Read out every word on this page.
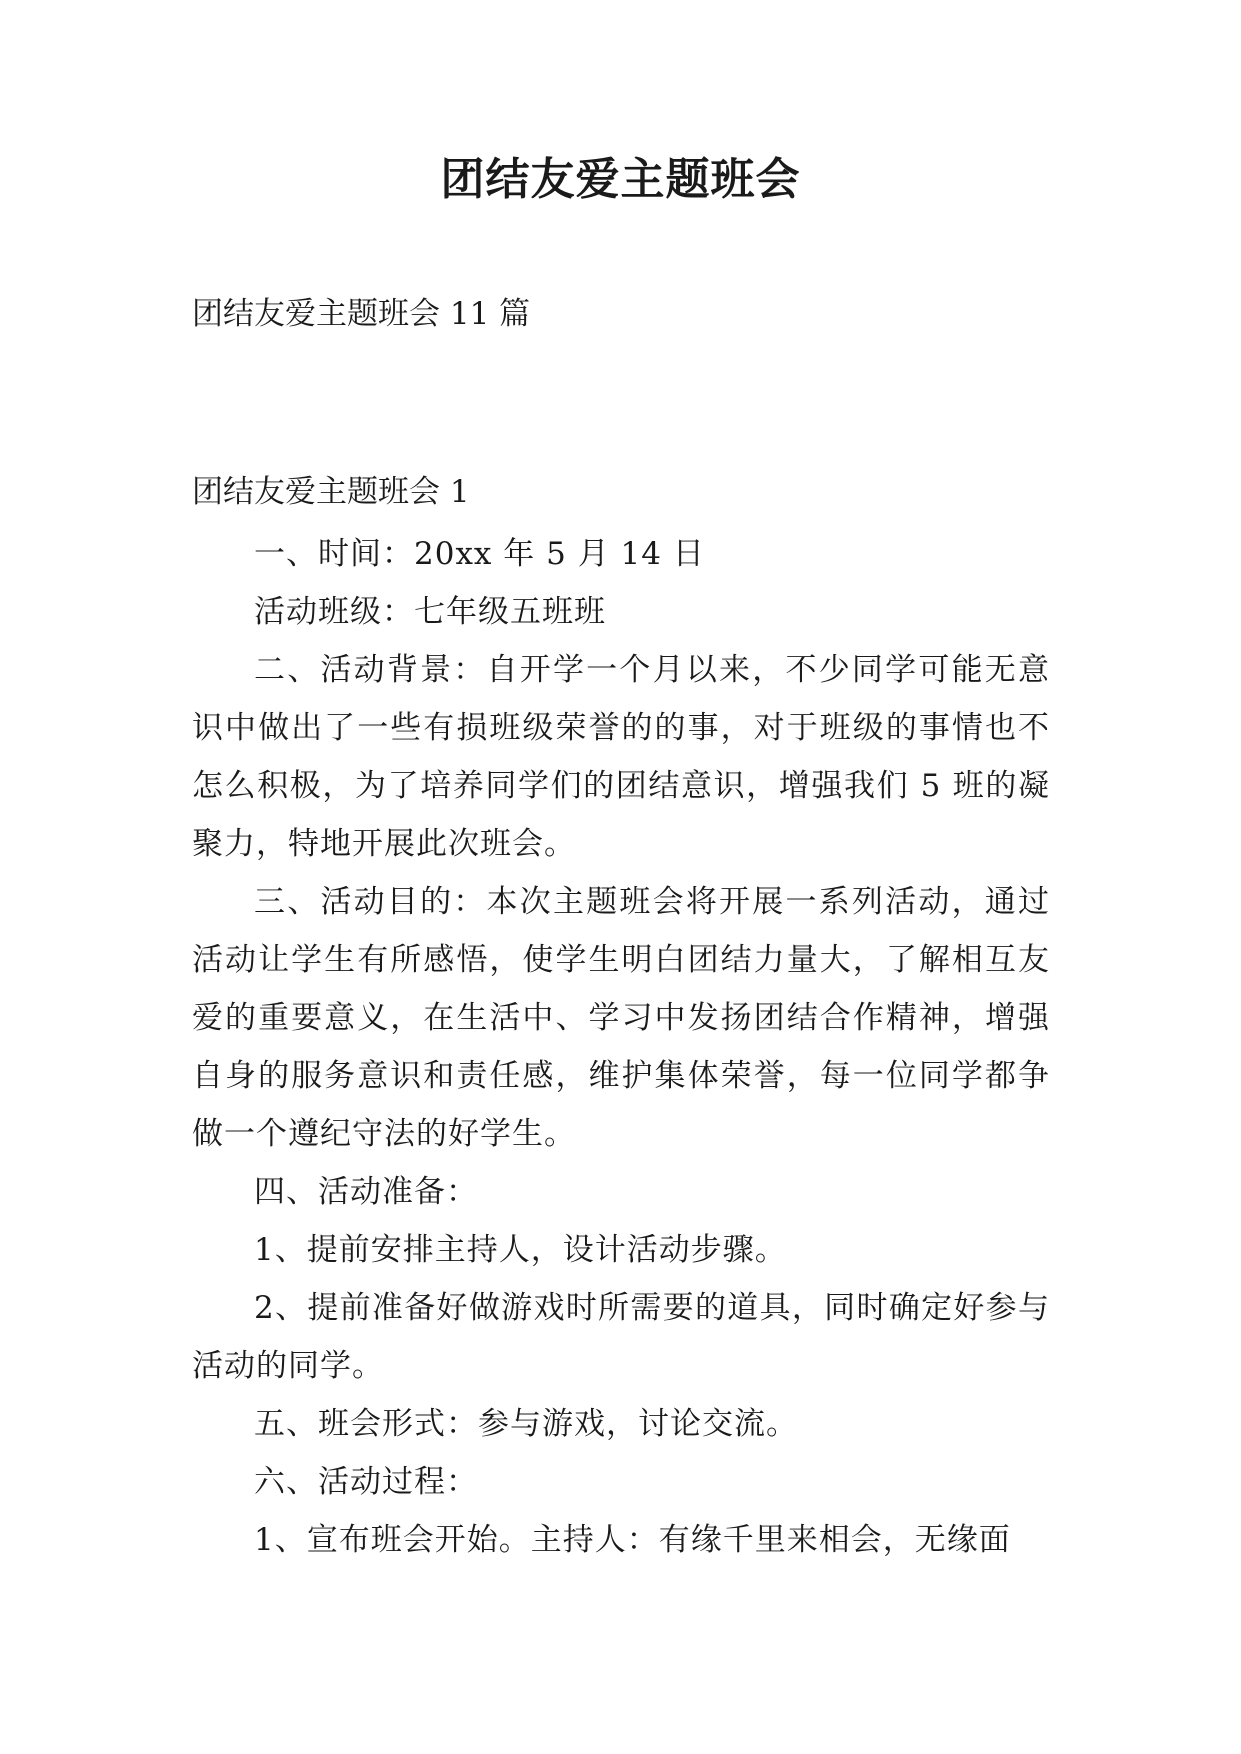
团结友爱主题班会
团结友爱主题班会 11 篇
团结友爱主题班会 1

一、时间：20xx 年 5 月 14 日

活动班级：七年级五班班

二、活动背景：自开学一个月以来，不少同学可能无意识中做出了一些有损班级荣誉的的事，对于班级的事情也不怎么积极，为了培养同学们的团结意识，增强我们 5 班的凝聚力，特地开展此次班会。

三、活动目的：本次主题班会将开展一系列活动，通过活动让学生有所感悟，使学生明白团结力量大，了解相互友爱的重要意义，在生活中、学习中发扬团结合作精神，增强自身的服务意识和责任感，维护集体荣誉，每一位同学都争做一个遵纪守法的好学生。

四、活动准备：

1、提前安排主持人，设计活动步骤。

2、提前准备好做游戏时所需要的道具，同时确定好参与活动的同学。

五、班会形式：参与游戏，讨论交流。

六、活动过程：

1、宣布班会开始。主持人：有缘千里来相会，无缘面
